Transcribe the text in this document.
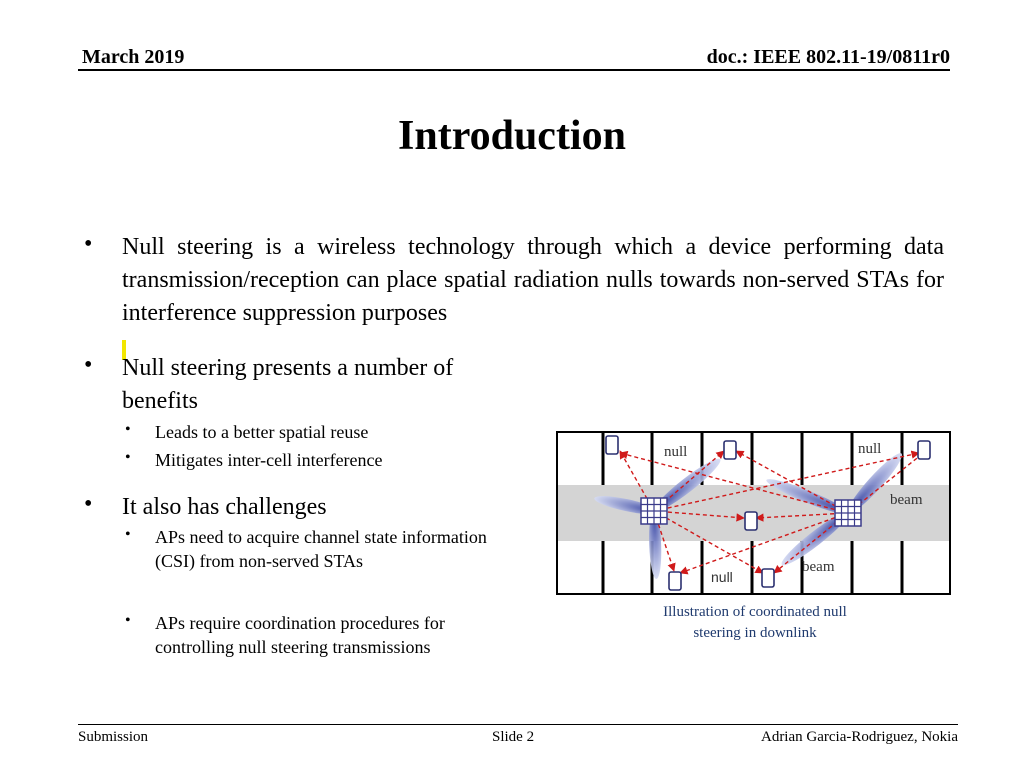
March 2019	doc.: IEEE 802.11-19/0811r0
Introduction
• Null steering is a wireless technology through which a device performing data transmission/reception can place spatial radiation nulls towards non-served STAs for interference suppression purposes
• Null steering presents a number of benefits
• Leads to a better spatial reuse
• Mitigates inter-cell interference
• It also has challenges
• APs need to acquire channel state information (CSI) from non-served STAs
• APs require coordination procedures for controlling null steering transmissions
null	null
beam
beam
null
Illustration of coordinated null steering in downlink
Submission	Slide 2	Adrian Garcia-Rodriguez, Nokia
